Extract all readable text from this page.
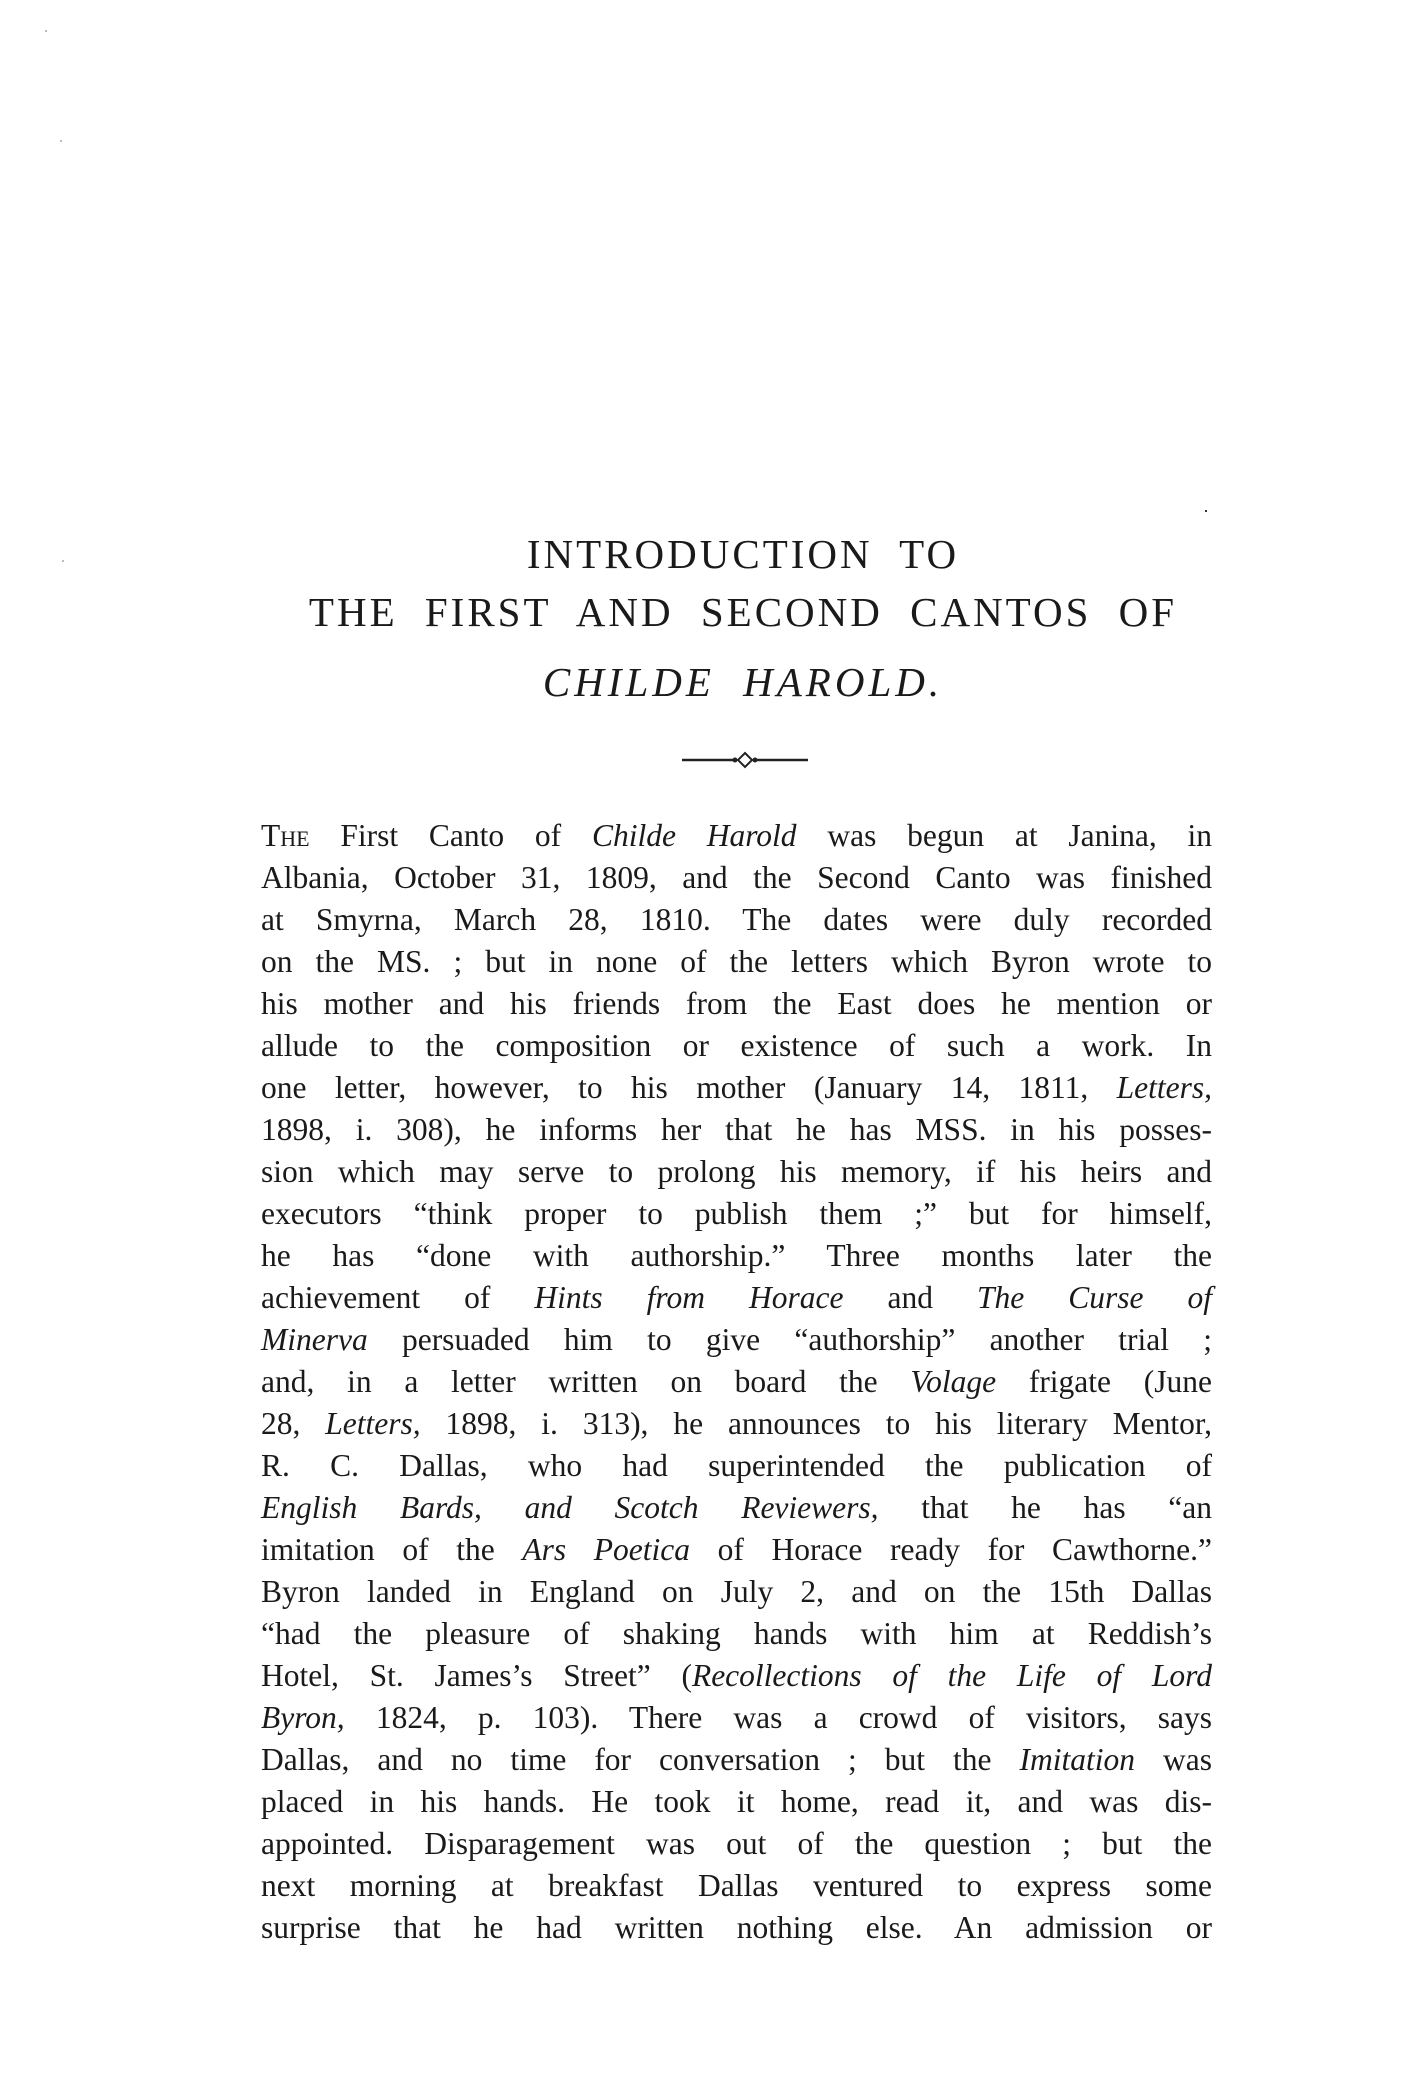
INTRODUCTION TO
THE FIRST AND SECOND CANTOS OF
CHILDE HAROLD.
The First Canto of Childe Harold was begun at Janina, in
Albania, October 31, 1809, and the Second Canto was finished
at Smyrna, March 28, 1810. The dates were duly recorded
on the MS. ; but in none of the letters which Byron wrote to
his mother and his friends from the East does he mention or
allude to the composition or existence of such a work. In
one letter, however, to his mother (January 14, 1811, Letters,
1898, i. 308), he informs her that he has MSS. in his posses-
sion which may serve to prolong his memory, if his heirs and
executors “think proper to publish them ;” but for himself,
he has “done with authorship.” Three months later the
achievement of Hints from Horace and The Curse of
Minerva persuaded him to give “authorship” another trial ;
and, in a letter written on board the Volage frigate (June
28, Letters, 1898, i. 313), he announces to his literary Mentor,
R. C. Dallas, who had superintended the publication of
English Bards, and Scotch Reviewers, that he has “an
imitation of the Ars Poetica of Horace ready for Cawthorne.”
Byron landed in England on July 2, and on the 15th Dallas
“had the pleasure of shaking hands with him at Reddish’s
Hotel, St. James’s Street” (Recollections of the Life of Lord
Byron, 1824, p. 103). There was a crowd of visitors, says
Dallas, and no time for conversation ; but the Imitation was
placed in his hands. He took it home, read it, and was dis-
appointed. Disparagement was out of the question ; but the
next morning at breakfast Dallas ventured to express some
surprise that he had written nothing else. An admission or
